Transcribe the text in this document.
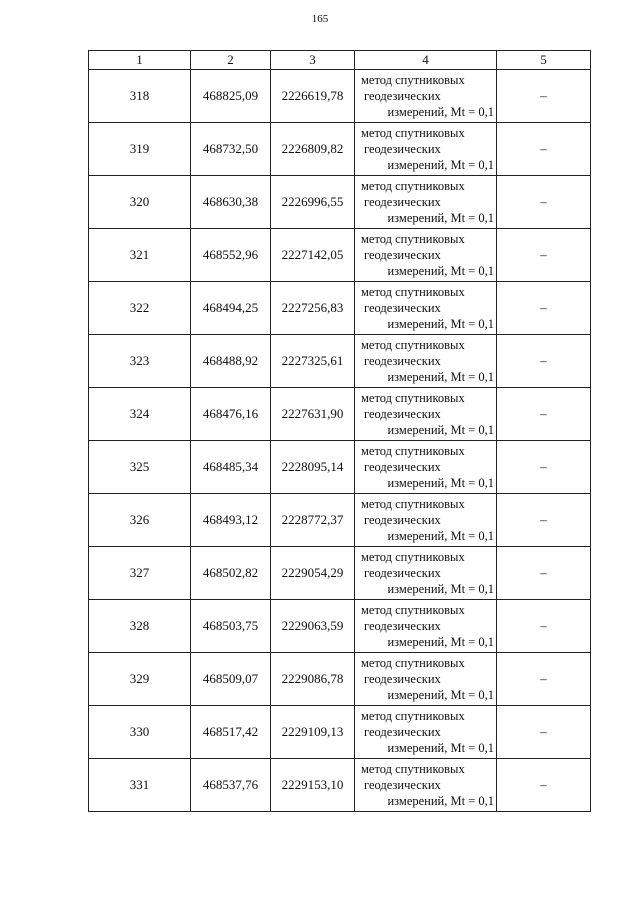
165
1	2	3	4	5
318	468825,09	2226619,78	метод спутниковых
геодезических
измерений, Mt = 0,1	–
319	468732,50	2226809,82	метод спутниковых
геодезических
измерений, Mt = 0,1	–
320	468630,38	2226996,55	метод спутниковых
геодезических
измерений, Mt = 0,1	–
321	468552,96	2227142,05	метод спутниковых
геодезических
измерений, Mt = 0,1	–
322	468494,25	2227256,83	метод спутниковых
геодезических
измерений, Mt = 0,1	–
323	468488,92	2227325,61	метод спутниковых
геодезических
измерений, Mt = 0,1	–
324	468476,16	2227631,90	метод спутниковых
геодезических
измерений, Mt = 0,1	–
325	468485,34	2228095,14	метод спутниковых
геодезических
измерений, Mt = 0,1	–
326	468493,12	2228772,37	метод спутниковых
геодезических
измерений, Mt = 0,1	–
327	468502,82	2229054,29	метод спутниковых
геодезических
измерений, Mt = 0,1	–
328	468503,75	2229063,59	метод спутниковых
геодезических
измерений, Mt = 0,1	–
329	468509,07	2229086,78	метод спутниковых
геодезических
измерений, Mt = 0,1	–
330	468517,42	2229109,13	метод спутниковых
геодезических
измерений, Mt = 0,1	–
331	468537,76	2229153,10	метод спутниковых
геодезических
измерений, Mt = 0,1	–
